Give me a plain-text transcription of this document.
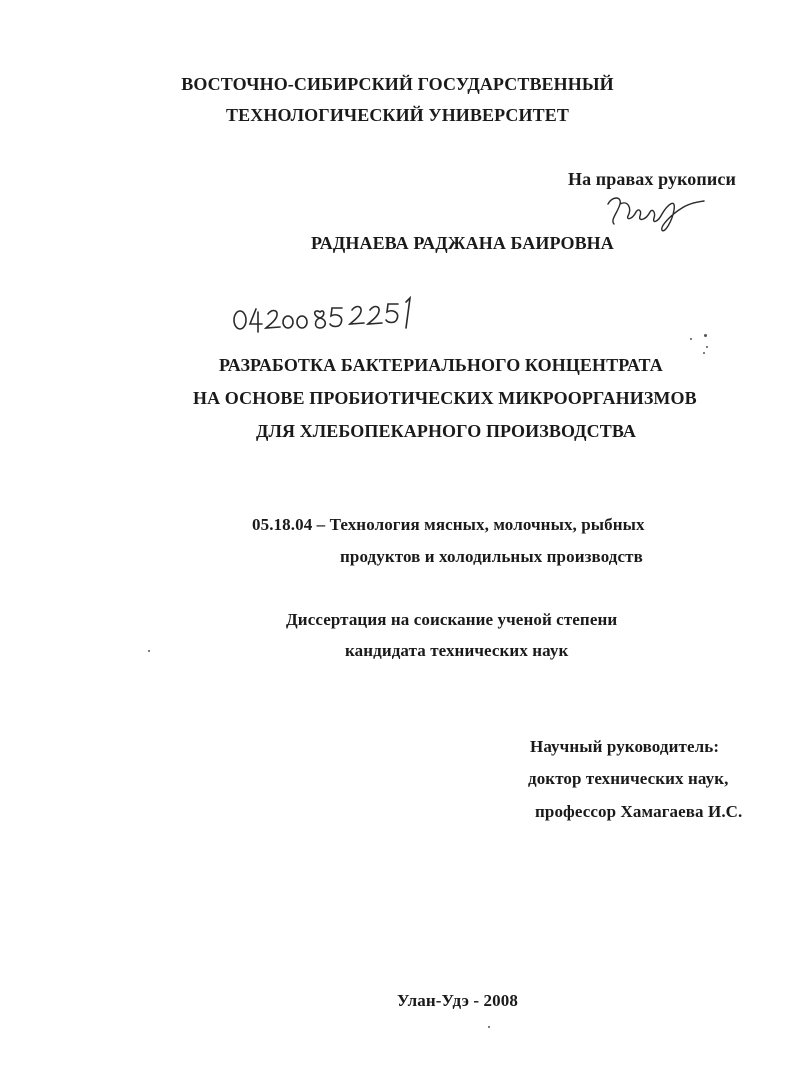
ВОСТОЧНО-СИБИРСКИЙ ГОСУДАРСТВЕННЫЙ
ТЕХНОЛОГИЧЕСКИЙ УНИВЕРСИТЕТ
На правах рукописи
РАДНАЕВА РАДЖАНА БАИРОВНА
РАЗРАБОТКА БАКТЕРИАЛЬНОГО КОНЦЕНТРАТА
НА ОСНОВЕ ПРОБИОТИЧЕСКИХ МИКРООРГАНИЗМОВ
ДЛЯ ХЛЕБОПЕКАРНОГО ПРОИЗВОДСТВА
05.18.04 – Технология мясных, молочных, рыбных
продуктов и холодильных производств
Диссертация на соискание ученой степени
кандидата технических наук
Научный руководитель:
доктор технических наук,
профессор Хамагаева И.С.
Улан-Удэ - 2008
